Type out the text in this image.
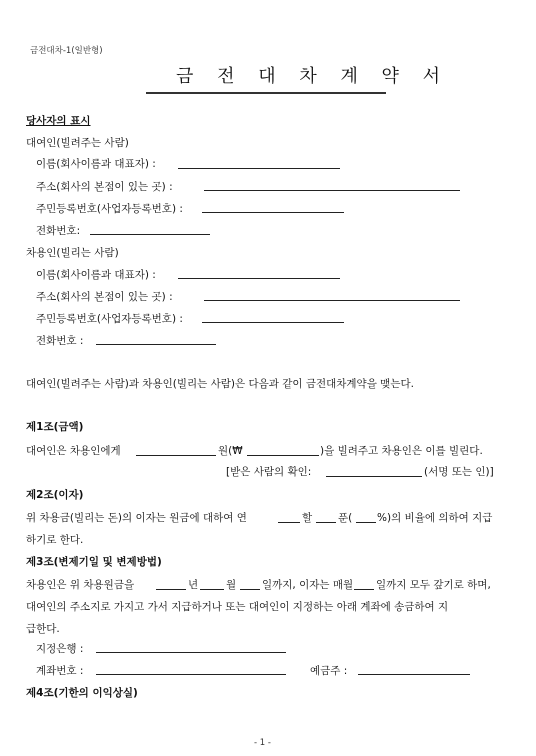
금전대차-1(일반형)
금 전 대 차 계 약 서
당사자의 표시
대여인(빌려주는 사람)
이름(회사이름과 대표자) :
주소(회사의 본점이 있는 곳) :
주민등록번호(사업자등록번호) :
전화번호:
차용인(빌리는 사람)
이름(회사이름과 대표자) :
주소(회사의 본점이 있는 곳) :
주민등록번호(사업자등록번호) :
전화번호 :
대여인(빌려주는 사람)과 차용인(빌리는 사람)은 다음과 같이 금전대차계약을 맺는다.
제1조(금액)
대여인은 차용인에게	원(₩	)을 빌려주고 차용인은 이를 빌린다.
[받은 사람의 확인:	(서명 또는 인)]
제2조(이자)
위 차용금(빌리는 돈)의 이자는 원금에 대하여 연	할 푼( %)의 비율에 의하여 지급
하기로 한다.
제3조(변제기일 및 변제방법)
차용인은 위 차용원금을	년	월 일까지, 이자는 매월 일까지 모두 갚기로 하며,
대여인의 주소지로 가지고 가서 지급하거나 또는 대여인이 지정하는 아래 계좌에 송금하여 지
급한다.
지정은행 :
계좌번호 :	예금주 :
제4조(기한의 이익상실)
- 1 -
